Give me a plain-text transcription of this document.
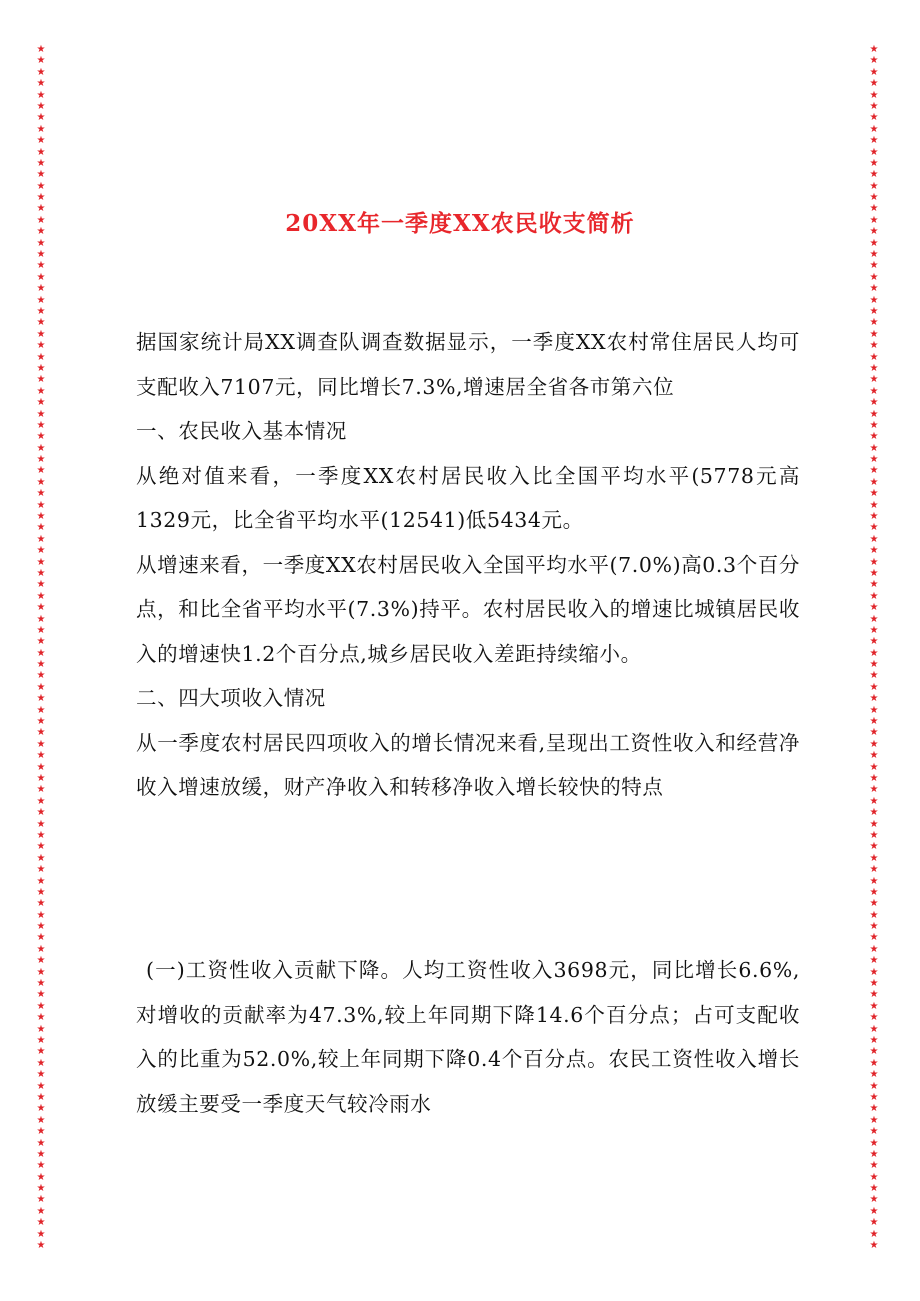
★
★
★
★
★
★
★
★
★
★
★
★
★
★
★
★
★
★
★
★
★
★
★
★
★
★
★
★
★
★
★
★
★
★
★
★
★
★
★
★
★
★
★
★
★
★
★
★
★
★
★
★
★
★
★
★
★
★
★
★
★
★
★
★
★
★
★
★
★
★
★
★
★
★
★
★
★
★
★
★
★
★
★
★
★
★
★
★
★
★
★
★
★
★
★
★
★
★
★
★
★
★
★
★
★
★
★
★
★
★
★
★
★
★
★
★
★
★
★
★
★
★
★
★
★
★
★
★
★
★
★
★
★
★
★
★
★
★
★
★
★
★
★
★
★
★
★
★
★
★
★
★
★
★
★
★
★
★
★
★
★
★
★
★
★
★
★
★
★
★
★
★
★
★
★
★
★
★
★
★
★
★
★
★
★
★
★
★
★
★
★
★
★
★
★
★
★
★
★
★
★
★
★
★
★
★
★
★
★
★
★
★
20XX年一季度XX农民收支简析

据国家统计局XX调查队调查数据显示，一季度XX农村常住居民人均可支配收入7107元，同比增长7.3%,增速居全省各市第六位

一、农民收入基本情况

从绝对值来看，一季度XX农村居民收入比全国平均水平(5778元高1329元，比全省平均水平(12541)低5434元。

从增速来看，一季度XX农村居民收入全国平均水平(7.0%)高0.3个百分点，和比全省平均水平(7.3%)持平。农村居民收入的增速比城镇居民收入的增速快1.2个百分点,城乡居民收入差距持续缩小。

二、四大项收入情况

从一季度农村居民四项收入的增长情况来看,呈现出工资性收入和经营净收入增速放缓，财产净收入和转移净收入增长较快的特点

(一)工资性收入贡献下降。人均工资性收入3698元，同比增长6.6%,对增收的贡献率为47.3%,较上年同期下降14.6个百分点；占可支配收入的比重为52.0%,较上年同期下降0.4个百分点。农民工资性收入增长放缓主要受一季度天气较冷雨水
